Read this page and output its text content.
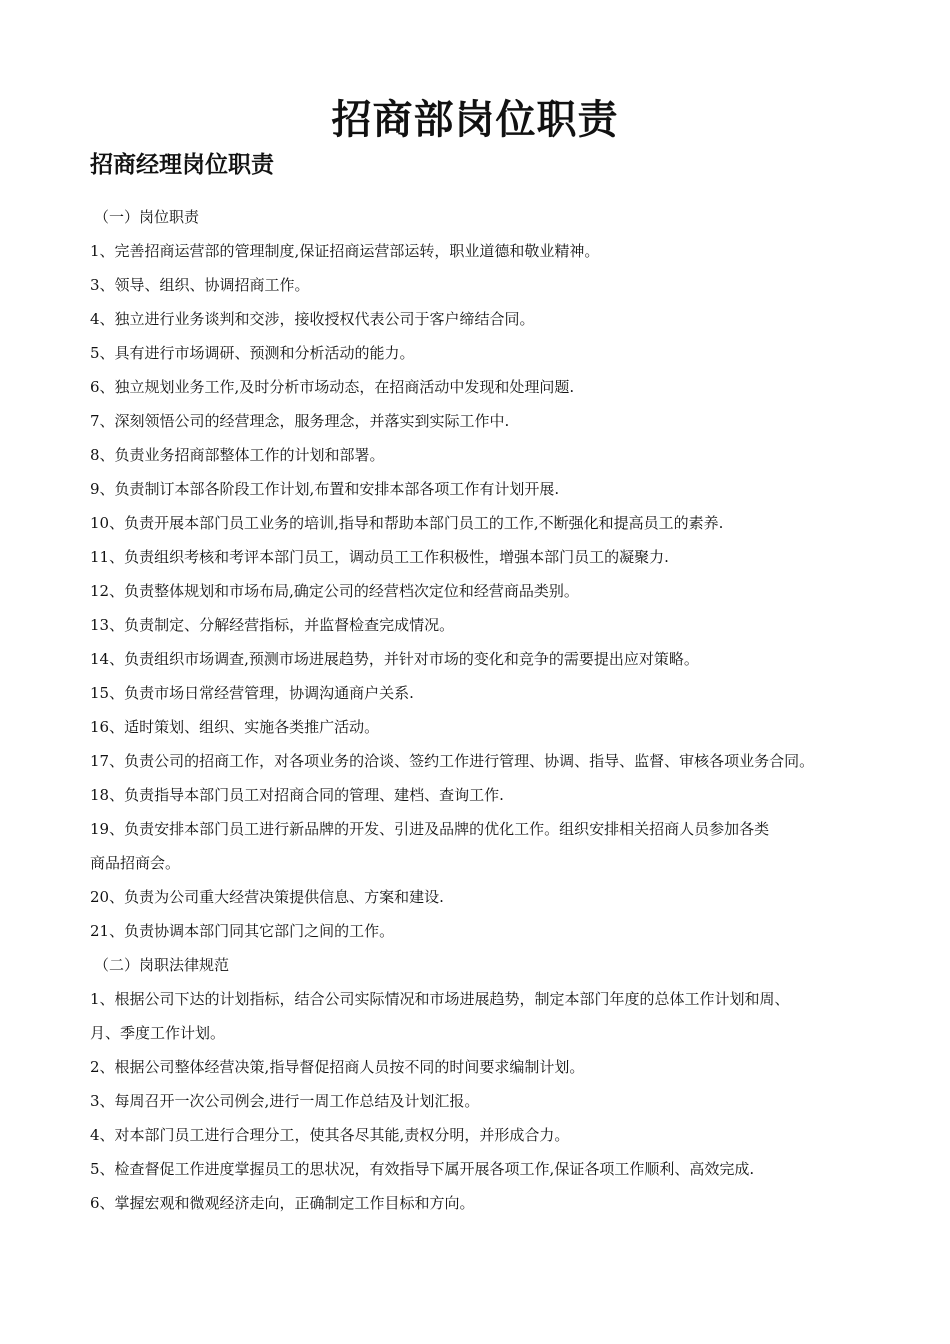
招商部岗位职责
招商经理岗位职责
（一）岗位职责
1、完善招商运营部的管理制度,保证招商运营部运转，职业道德和敬业精神。
3、领导、组织、协调招商工作。
4、独立进行业务谈判和交涉，接收授权代表公司于客户缔结合同。
5、具有进行市场调研、预测和分析活动的能力。
6、独立规划业务工作,及时分析市场动态，在招商活动中发现和处理问题.
7、深刻领悟公司的经营理念，服务理念，并落实到实际工作中.
8、负责业务招商部整体工作的计划和部署。
9、负责制订本部各阶段工作计划,布置和安排本部各项工作有计划开展.
10、负责开展本部门员工业务的培训,指导和帮助本部门员工的工作,不断强化和提高员工的素养.
11、负责组织考核和考评本部门员工，调动员工工作积极性，增强本部门员工的凝聚力.
12、负责整体规划和市场布局,确定公司的经营档次定位和经营商品类别。
13、负责制定、分解经营指标，并监督检查完成情况。
14、负责组织市场调查,预测市场进展趋势，并针对市场的变化和竞争的需要提出应对策略。
15、负责市场日常经营管理，协调沟通商户关系.
16、适时策划、组织、实施各类推广活动。
17、负责公司的招商工作，对各项业务的洽谈、签约工作进行管理、协调、指导、监督、审核各项业务合同。
18、负责指导本部门员工对招商合同的管理、建档、查询工作.
19、负责安排本部门员工进行新品牌的开发、引进及品牌的优化工作。组织安排相关招商人员参加各类
商品招商会。
20、负责为公司重大经营决策提供信息、方案和建设.
21、负责协调本部门同其它部门之间的工作。
（二）岗职法律规范
1、根据公司下达的计划指标，结合公司实际情况和市场进展趋势，制定本部门年度的总体工作计划和周、
月、季度工作计划。
2、根据公司整体经营决策,指导督促招商人员按不同的时间要求编制计划。
3、每周召开一次公司例会,进行一周工作总结及计划汇报。
4、对本部门员工进行合理分工，使其各尽其能,责权分明，并形成合力。
5、检查督促工作进度掌握员工的思状况，有效指导下属开展各项工作,保证各项工作顺利、高效完成.
6、掌握宏观和微观经济走向，正确制定工作目标和方向。
